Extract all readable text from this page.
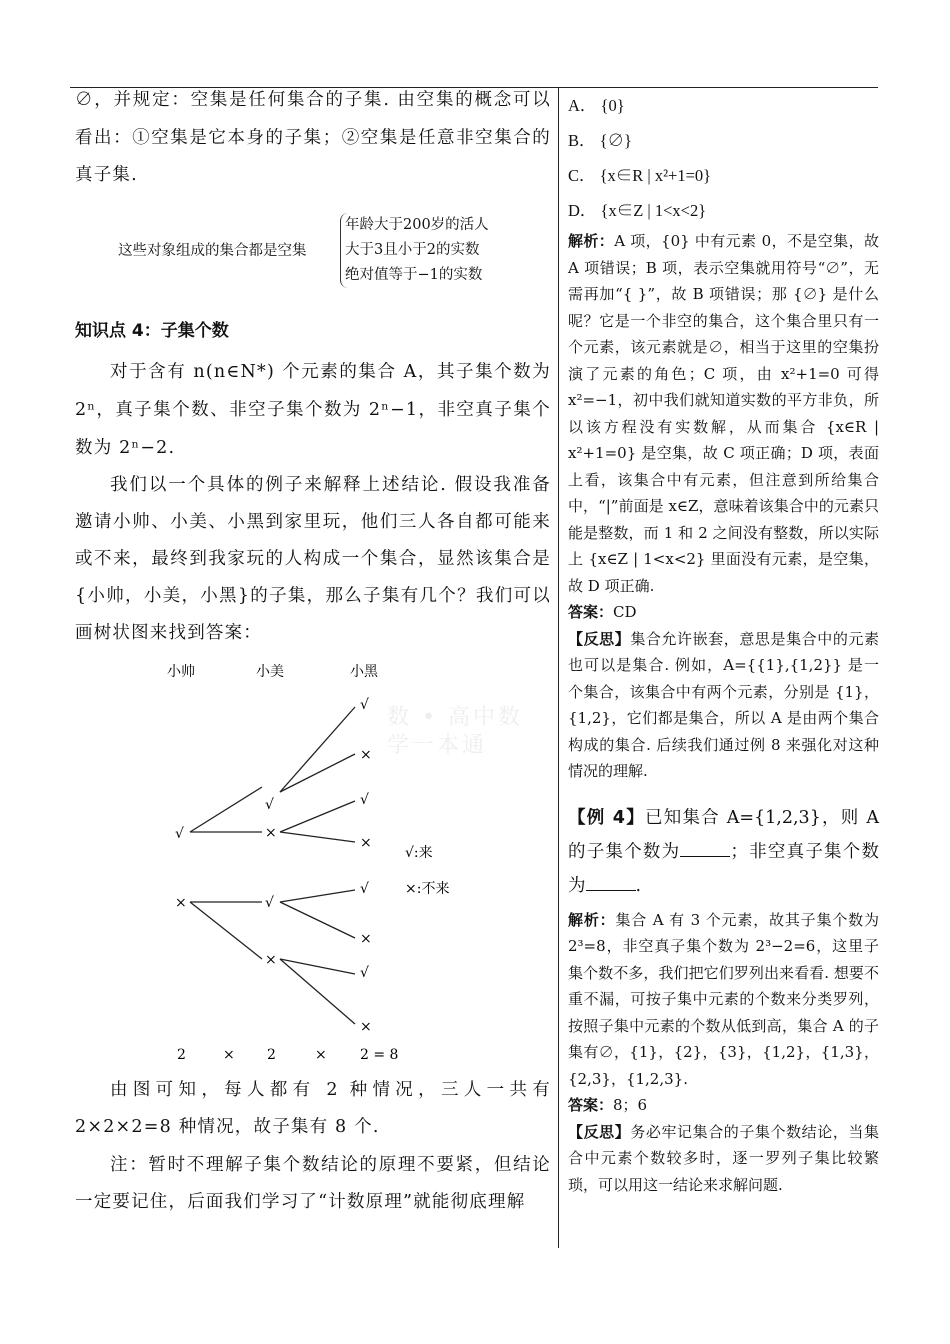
∅，并规定：空集是任何集合的子集. 由空集的概念可以看出：①空集是它本身的子集；②空集是任意非空集合的真子集.
这些对象组成的集合都是空集
年龄大于200岁的活人
大于3且小于2的实数
绝对值等于−1的实数
知识点 4：子集个数
对于含有 n(n∈N*) 个元素的集合 A，其子集个数为 2ⁿ，真子集个数、非空子集个数为 2ⁿ−1，非空真子集个数为 2ⁿ−2.
我们以一个具体的例子来解释上述结论. 假设我准备邀请小帅、小美、小黑到家里玩，他们三人各自都可能来或不来，最终到我家玩的人构成一个集合，显然该集合是{小帅，小美，小黑}的子集，那么子集有几个？我们可以画树状图来找到答案：
小帅	小美	小黑
√
×
√
×
√
×
√
×
√
×
√
×
√
×
√:来
×:不来
2	× 2	× 2 = 8
数 • 高中数学一本通
由图可知，每人都有 2 种情况，三人一共有 2×2×2=8 种情况，故子集有 8 个.
注：暂时不理解子集个数结论的原理不要紧，但结论一定要记住，后面我们学习了“计数原理”就能彻底理解
A． {0}
B． {∅}
C． {x∈R | x²+1=0}
D． {x∈Z | 1<x<2}
解析：A 项，{0} 中有元素 0，不是空集，故 A 项错误；B 项，表示空集就用符号“∅”，无需再加“{ }”，故 B 项错误；那 {∅} 是什么呢？它是一个非空的集合，这个集合里只有一个元素，该元素就是∅，相当于这里的空集扮演了元素的角色；C 项，由 x²+1=0 可得 x²=−1，初中我们就知道实数的平方非负，所以该方程没有实数解，从而集合 {x∈R | x²+1=0} 是空集，故 C 项正确；D 项，表面上看，该集合中有元素，但注意到所给集合中，“|”前面是 x∈Z，意味着该集合中的元素只能是整数，而 1 和 2 之间没有整数，所以实际上 {x∈Z | 1<x<2} 里面没有元素，是空集，故 D 项正确.
答案：CD
【反思】集合允许嵌套，意思是集合中的元素也可以是集合. 例如，A={{1},{1,2}} 是一个集合，该集合中有两个元素，分别是 {1}，{1,2}，它们都是集合，所以 A 是由两个集合构成的集合. 后续我们通过例 8 来强化对这种情况的理解.
【例 4】已知集合 A={1,2,3}，则 A 的子集个数为	；非空真子集个数为	.
解析：集合 A 有 3 个元素，故其子集个数为 2³=8，非空真子集个数为 2³−2=6，这里子集个数不多，我们把它们罗列出来看看. 想要不重不漏，可按子集中元素的个数来分类罗列，按照子集中元素的个数从低到高，集合 A 的子集有∅，{1}，{2}，{3}，{1,2}，{1,3}，{2,3}，{1,2,3}.
答案：8；6
【反思】务必牢记集合的子集个数结论，当集合中元素个数较多时，逐一罗列子集比较繁琐，可以用这一结论来求解问题.
